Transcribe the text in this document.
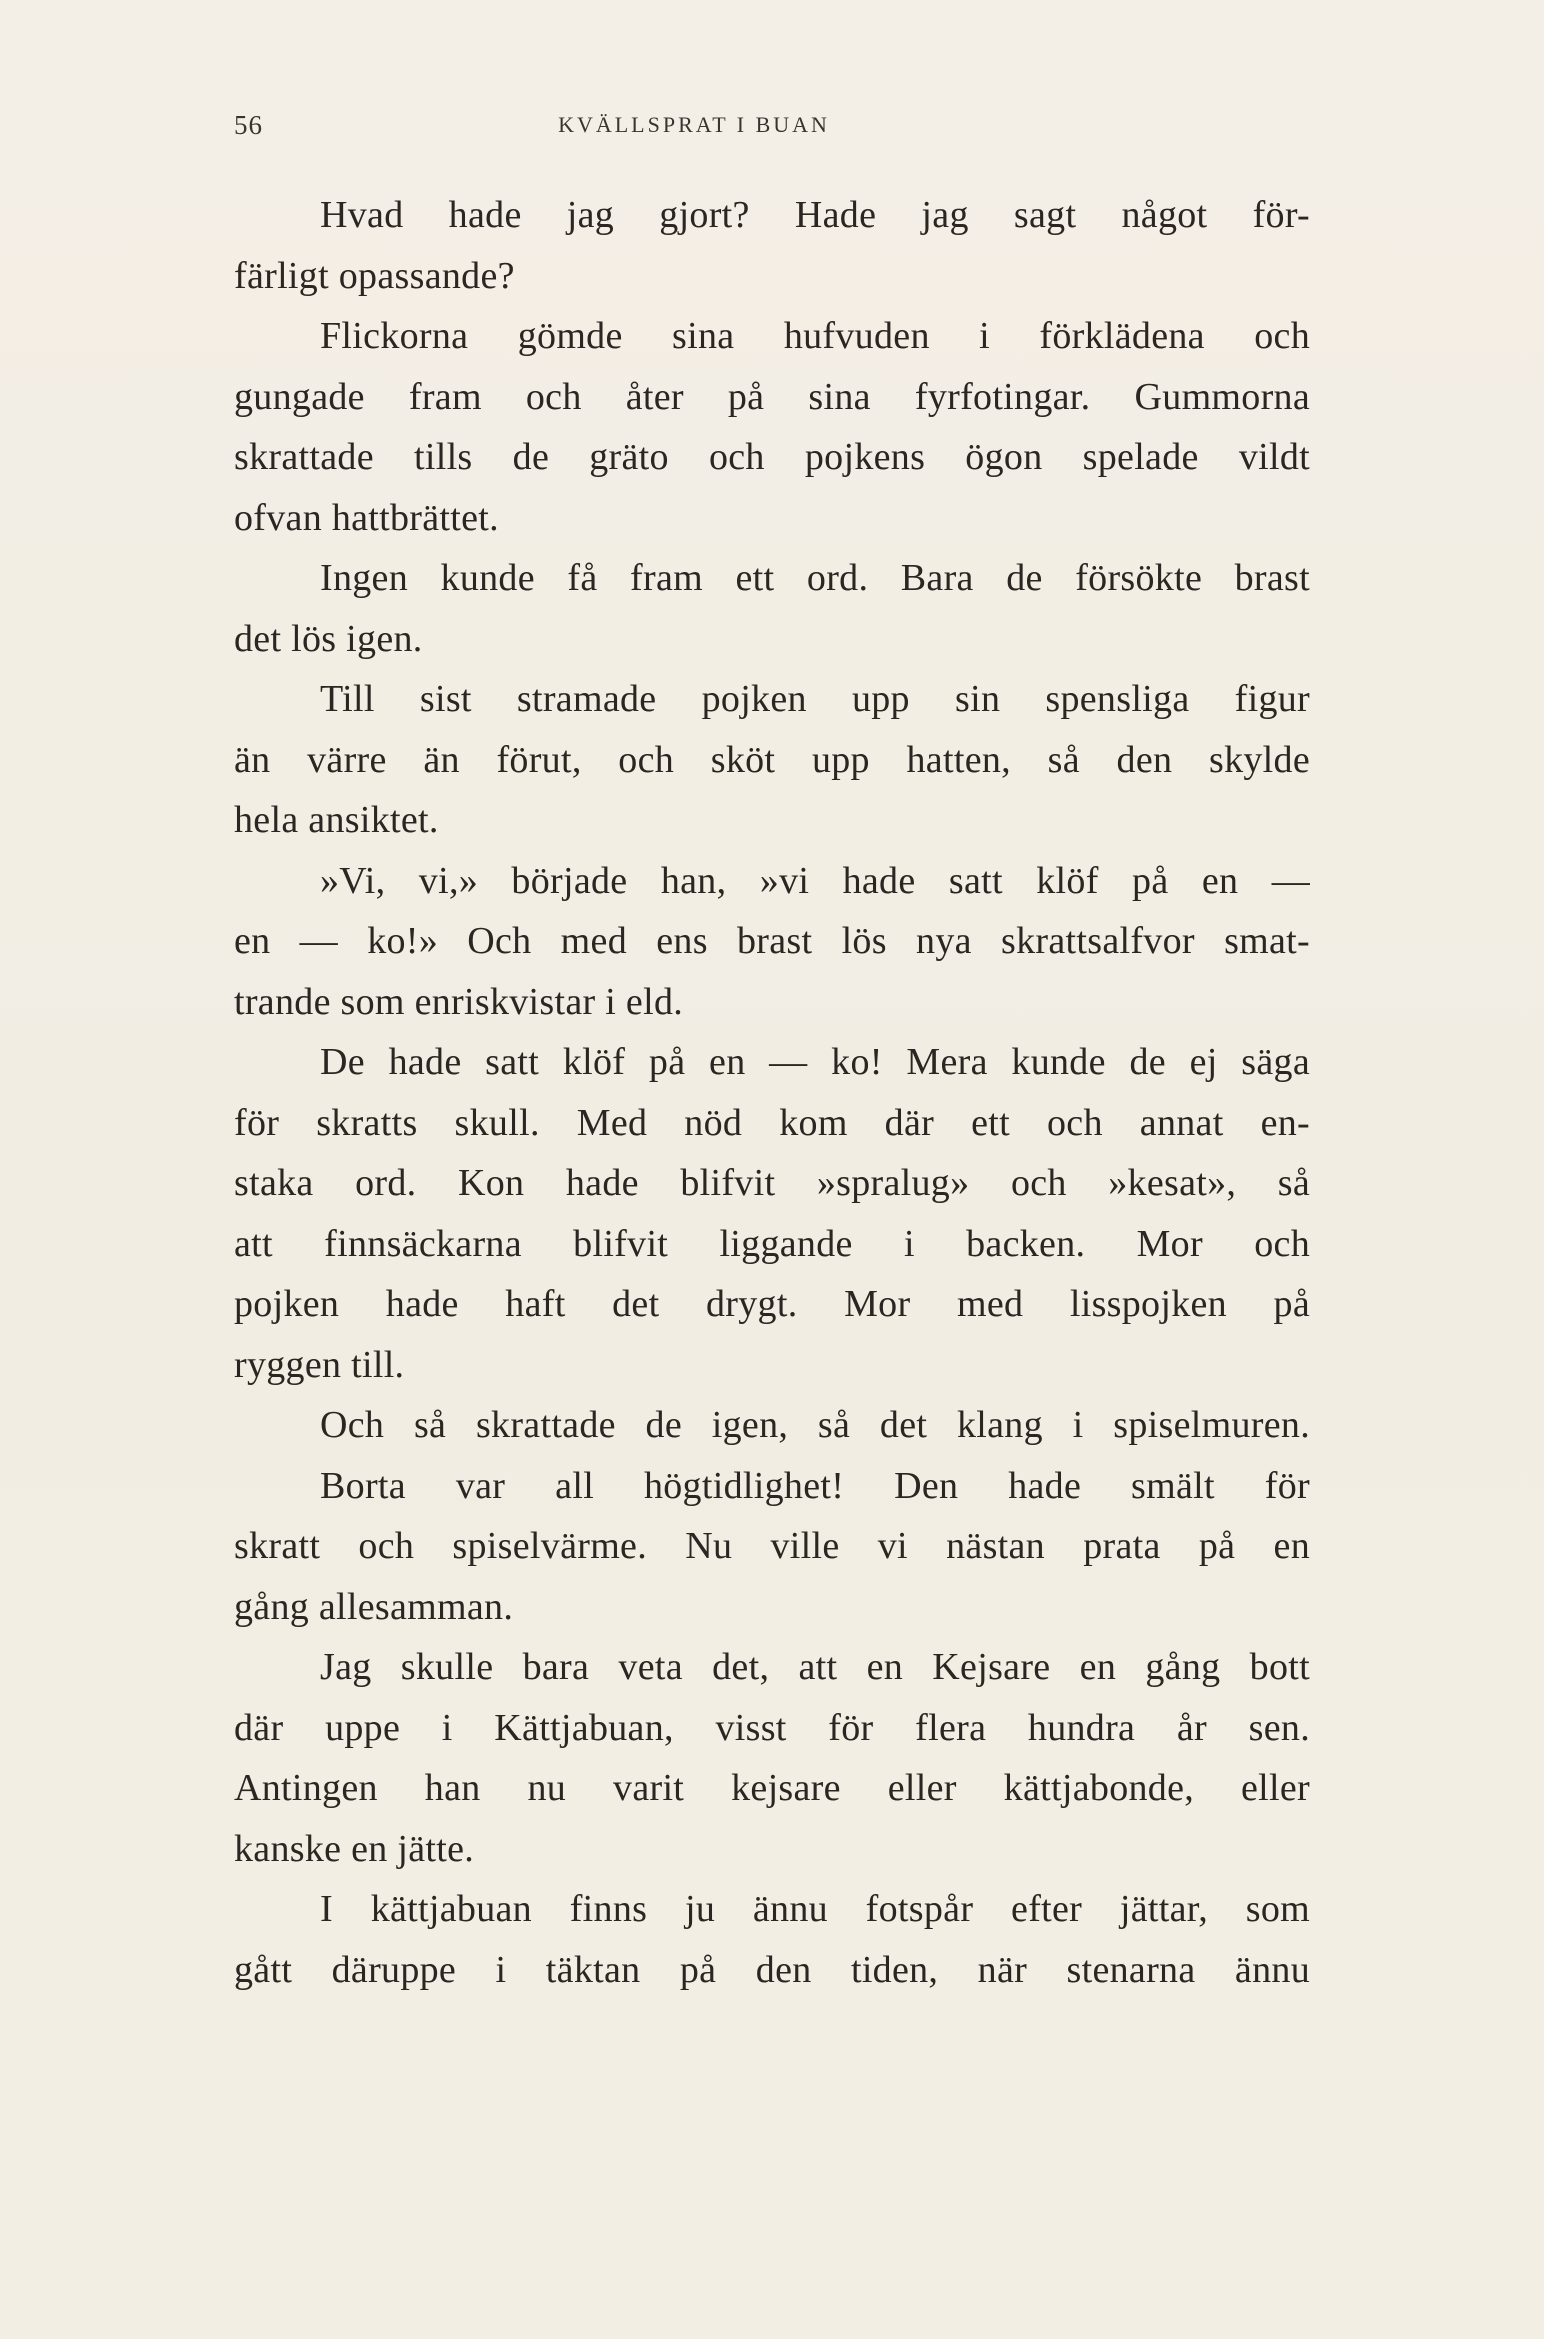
56	KVÄLLSPRAT I BUAN
Hvad hade jag gjort? Hade jag sagt något för-
färligt opassande?
Flickorna gömde sina hufvuden i förklädena och
gungade fram och åter på sina fyrfotingar. Gummorna
skrattade tills de gräto och pojkens ögon spelade vildt
ofvan hattbrättet.
Ingen kunde få fram ett ord. Bara de försökte brast
det lös igen.
Till sist stramade pojken upp sin spensliga figur
än värre än förut, och sköt upp hatten, så den skylde
hela ansiktet.
»Vi, vi,» började han, »vi hade satt klöf på en —
en — ko!» Och med ens brast lös nya skrattsalfvor smat-
trande som enriskvistar i eld.
De hade satt klöf på en — ko! Mera kunde de ej säga
för skratts skull. Med nöd kom där ett och annat en-
staka ord. Kon hade blifvit »spralug» och »kesat», så
att finnsäckarna blifvit liggande i backen. Mor och
pojken hade haft det drygt. Mor med lisspojken på
ryggen till.
Och så skrattade de igen, så det klang i spiselmuren.
Borta var all högtidlighet! Den hade smält för
skratt och spiselvärme. Nu ville vi nästan prata på en
gång allesamman.
Jag skulle bara veta det, att en Kejsare en gång bott
där uppe i Kättjabuan, visst för flera hundra år sen.
Antingen han nu varit kejsare eller kättjabonde, eller
kanske en jätte.
I kättjabuan finns ju ännu fotspår efter jättar, som
gått däruppe i täktan på den tiden, när stenarna ännu
